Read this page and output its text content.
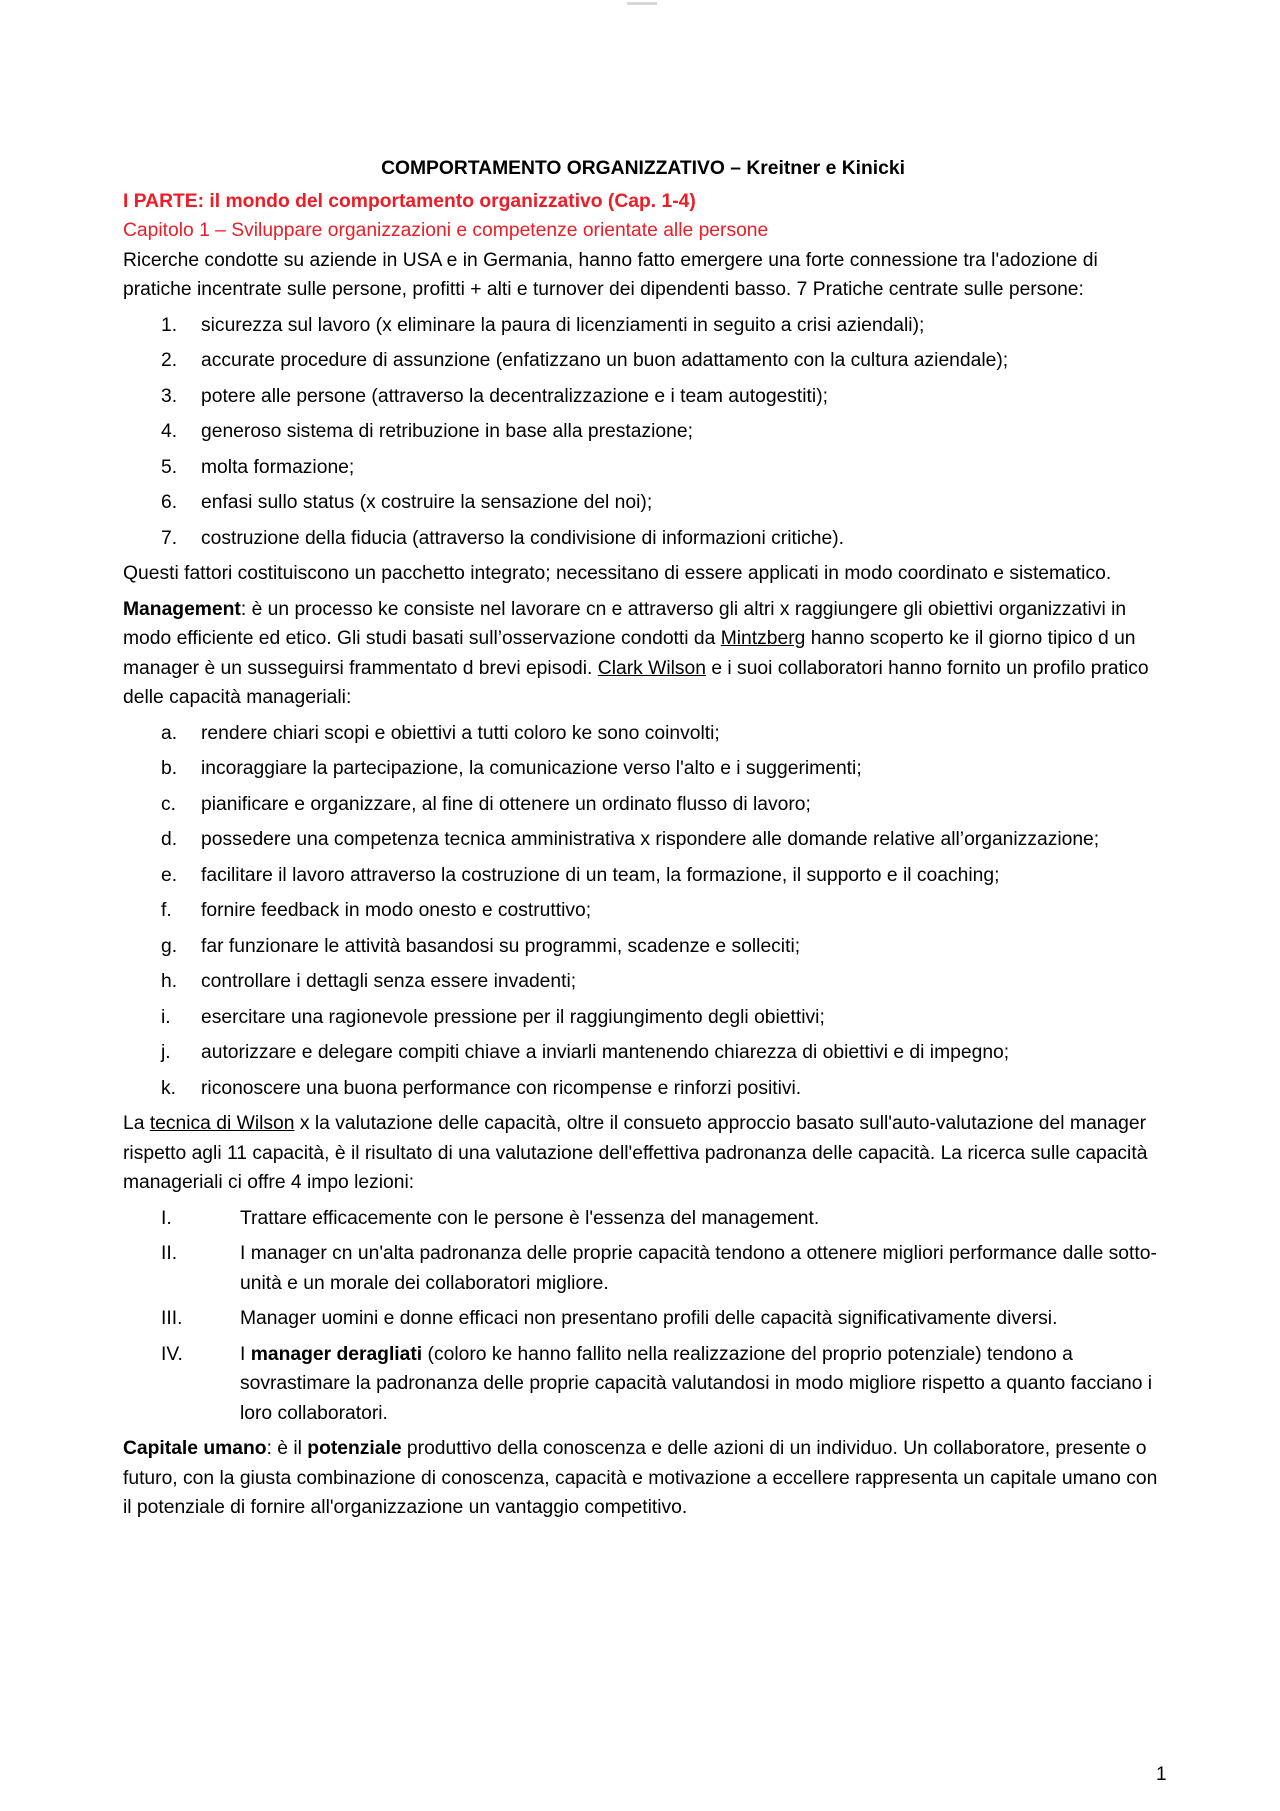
COMPORTAMENTO ORGANIZZATIVO – Kreitner e Kinicki

I PARTE: il mondo del comportamento organizzativo (Cap. 1-4)

Capitolo 1 – Sviluppare organizzazioni e competenze orientate alle persone

Ricerche condotte su aziende in USA e in Germania, hanno fatto emergere una forte connessione tra l'adozione di pratiche incentrate sulle persone, profitti + alti e turnover dei dipendenti basso. 7 Pratiche centrate sulle persone:

1. sicurezza sul lavoro (x eliminare la paura di licenziamenti in seguito a crisi aziendali);
2. accurate procedure di assunzione (enfatizzano un buon adattamento con la cultura aziendale);
3. potere alle persone (attraverso la decentralizzazione e i team autogestiti);
4. generoso sistema di retribuzione in base alla prestazione;
5. molta formazione;
6. enfasi sullo status (x costruire la sensazione del noi);
7. costruzione della fiducia (attraverso la condivisione di informazioni critiche).

Questi fattori costituiscono un pacchetto integrato; necessitano di essere applicati in modo coordinato e sistematico.

Management: è un processo ke consiste nel lavorare cn e attraverso gli altri x raggiungere gli obiettivi organizzativi in modo efficiente ed etico. Gli studi basati sull’osservazione condotti da Mintzberg hanno scoperto ke il giorno tipico d un manager è un susseguirsi frammentato d brevi episodi. Clark Wilson e i suoi collaboratori hanno fornito un profilo pratico delle capacità manageriali:

a. rendere chiari scopi e obiettivi a tutti coloro ke sono coinvolti;
b. incoraggiare la partecipazione, la comunicazione verso l'alto e i suggerimenti;
c. pianificare e organizzare, al fine di ottenere un ordinato flusso di lavoro;
d. possedere una competenza tecnica amministrativa x rispondere alle domande relative all’organizzazione;
e. facilitare il lavoro attraverso la costruzione di un team, la formazione, il supporto e il coaching;
f. fornire feedback in modo onesto e costruttivo;
g. far funzionare le attività basandosi su programmi, scadenze e solleciti;
h. controllare i dettagli senza essere invadenti;
i. esercitare una ragionevole pressione per il raggiungimento degli obiettivi;
j. autorizzare e delegare compiti chiave a inviarli mantenendo chiarezza di obiettivi e di impegno;
k. riconoscere una buona performance con ricompense e rinforzi positivi.

La tecnica di Wilson x la valutazione delle capacità, oltre il consueto approccio basato sull'auto-valutazione del manager rispetto agli 11 capacità, è il risultato di una valutazione dell'effettiva padronanza delle capacità. La ricerca sulle capacità manageriali ci offre 4 impo lezioni:

I.	Trattare efficacemente con le persone è l'essenza del management.
II.	I manager cn un'alta padronanza delle proprie capacità tendono a ottenere migliori performance dalle sotto-unità e un morale dei collaboratori migliore.
III.	Manager uomini e donne efficaci non presentano profili delle capacità significativamente diversi.
IV.	I manager deragliati (coloro ke hanno fallito nella realizzazione del proprio potenziale) tendono a sovrastimare la padronanza delle proprie capacità valutandosi in modo migliore rispetto a quanto facciano i loro collaboratori.

Capitale umano: è il potenziale produttivo della conoscenza e delle azioni di un individuo. Un collaboratore, presente o futuro, con la giusta combinazione di conoscenza, capacità e motivazione a eccellere rappresenta un capitale umano con il potenziale di fornire all'organizzazione un vantaggio competitivo.

1
